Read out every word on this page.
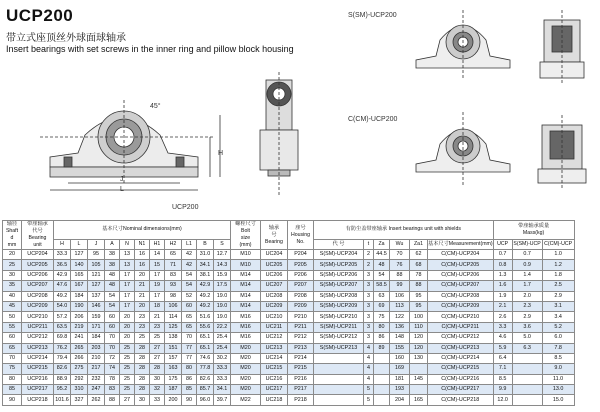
UCP200
带立式座顶丝外球面球轴承
Insert bearings with set screws in the inner ring and pillow block housing
45°
J
L
H
UCP200
S(SM)-UCP200
C(CM)-UCP200
轴径
Shaft
d
mm	带座轴承
代号
Bearing
unit	基本尺寸Nominal dimensions(mm)											螺栓尺寸
Bolt
size
(mm)	轴承
号
Bearing	座号
Housing
No.	有防尘盖带座轴承 Insert bearings unit with shields						带座轴承质量
Mass(kg)		
		H	L	J	A	N	N1	H1	H2	L1	B	S				代 号	t	Za	Wu	Za1	基本尺寸Measurement(mm)	UCP	S(SM)-UCP	C(CM)-UCP
20	UCP204	33.3	127	95	38	13	16	14	65	42	31.0	12.7	M10	UC204	P204	S(SM)-UCP204	2	44.5	70	62	C(CM)-UCP204	0.7	0.7	1.0
25	UCP205	36.5	140	105	38	13	16	15	71	42	34.1	14.3	M10	UC205	P205	S(SM)-UCP205	2	48	76	68	C(CM)-UCP205	0.8	0.9	1.2
30	UCP206	42.9	165	121	48	17	20	17	83	54	38.1	15.9	M14	UC206	P206	S(SM)-UCP206	3	54	88	78	C(CM)-UCP206	1.3	1.4	1.8
35	UCP207	47.6	167	127	48	17	21	19	93	54	42.9	17.5	M14	UC207	P207	S(SM)-UCP207	3	58.5	99	88	C(CM)-UCP207	1.6	1.7	2.5
40	UCP208	49.2	184	137	54	17	21	17	98	52	49.2	19.0	M14	UC208	P208	S(SM)-UCP208	3	63	106	95	C(CM)-UCP208	1.9	2.0	2.9
45	UCP209	54.0	190	146	54	17	20	18	106	60	49.2	19.0	M14	UC209	P209	S(SM)-UCP209	3	69	113	95	C(CM)-UCP209	2.1	2.3	3.1
50	UCP210	57.2	206	159	60	20	23	21	114	65	51.6	19.0	M16	UC210	P210	S(SM)-UCP210	3	75	122	100	C(CM)-UCP210	2.6	2.9	3.4
55	UCP211	63.5	219	171	60	20	23	23	125	65	55.6	22.2	M16	UC211	P211	S(SM)-UCP211	3	80	136	110	C(CM)-UCP211	3.3	3.6	5.2
60	UCP212	69.8	241	184	70	20	25	25	138	70	65.1	25.4	M16	UC212	P212	S(SM)-UCP212	3	86	148	120	C(CM)-UCP212	4.6	5.0	6.0
65	UCP213	76.2	265	203	70	25	28	27	151	77	65.1	25.4	M20	UC213	P213	S(SM)-UCP213	4	89	155	120	C(CM)-UCP213	5.9	6.3	7.8
70	UCP214	79.4	266	210	72	25	28	27	157	77	74.6	30.2	M20	UC214	P214		4		160	130	C(CM)-UCP214	6.4		8.5
75	UCP215	82.6	275	217	74	25	28	28	163	80	77.8	33.3	M20	UC215	P215		4		169		C(CM)-UCP215	7.1		9.0
80	UCP216	88.9	292	232	78	25	28	30	175	86	82.6	33.3	M20	UC216	P216		4		181	145	C(CM)-UCP216	8.5		11.0
85	UCP217	95.2	310	247	83	25	28	32	187	85	85.7	34.1	M20	UC217	P217		5		193		C(CM)-UCP217	9.9		13.0
90	UCP218	101.6	327	262	88	27	30	33	200	90	96.0	39.7	M22	UC218	P218		5		204	165	C(CM)-UCP218	12.0		15.0
